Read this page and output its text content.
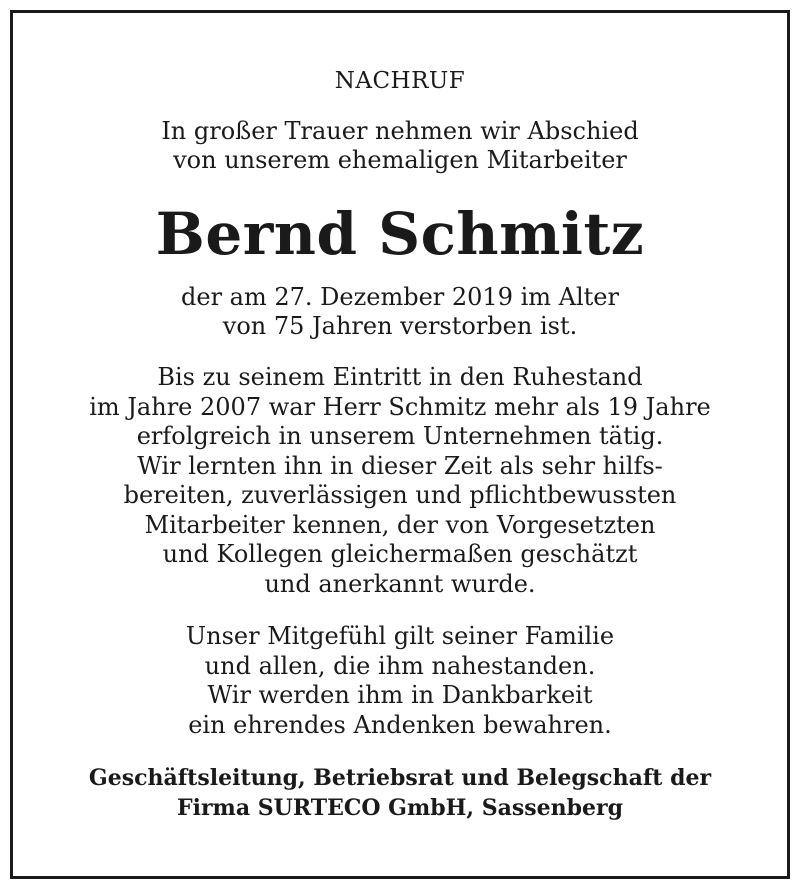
NACHRUF
In großer Trauer nehmen wir Abschied
von unserem ehemaligen Mitarbeiter
Bernd Schmitz
der am 27. Dezember 2019 im Alter
von 75 Jahren verstorben ist.
Bis zu seinem Eintritt in den Ruhestand
im Jahre 2007 war Herr Schmitz mehr als 19 Jahre
erfolgreich in unserem Unternehmen tätig.
Wir lernten ihn in dieser Zeit als sehr hilfs-
bereiten, zuverlässigen und pflichtbewussten
Mitarbeiter kennen, der von Vorgesetzten
und Kollegen gleichermaßen geschätzt
und anerkannt wurde.
Unser Mitgefühl gilt seiner Familie
und allen, die ihm nahestanden.
Wir werden ihm in Dankbarkeit
ein ehrendes Andenken bewahren.
Geschäftsleitung, Betriebsrat und Belegschaft der
Firma SURTECO GmbH, Sassenberg
